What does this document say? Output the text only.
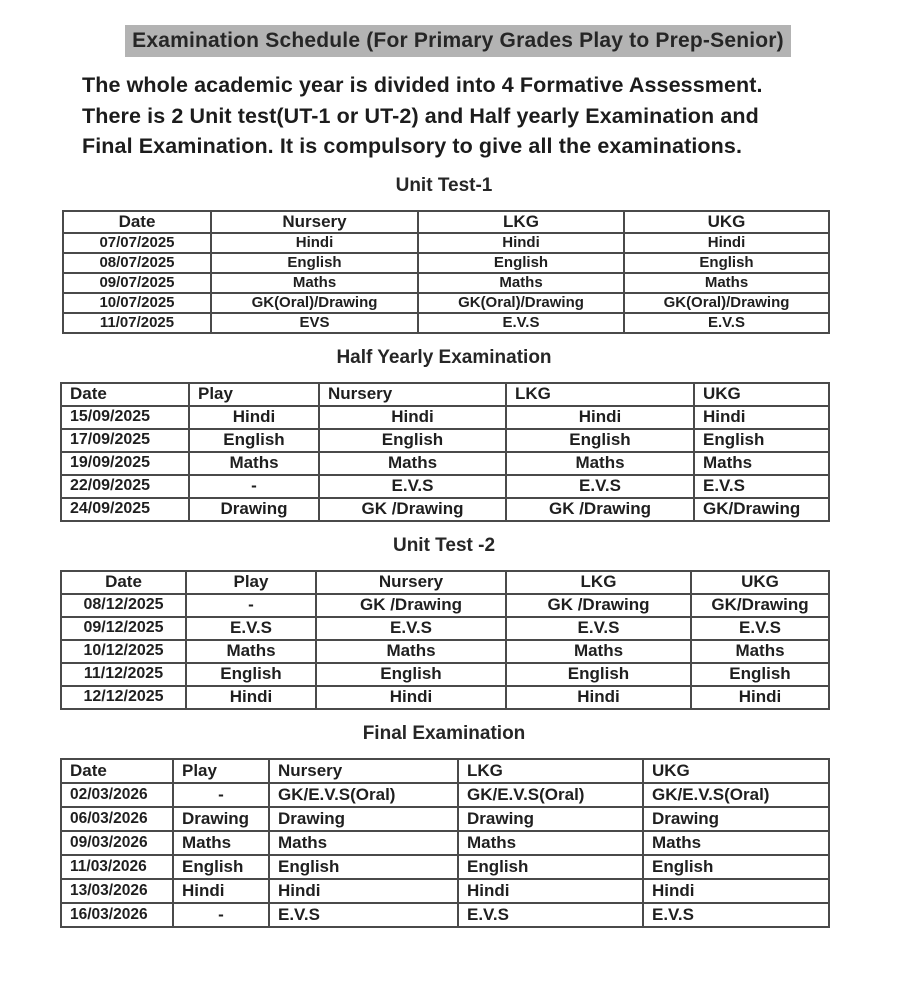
Examination Schedule (For Primary Grades Play to Prep-Senior)
The whole academic year is divided into 4 Formative Assessment.
There is 2 Unit test(UT-1 or UT-2) and Half yearly Examination and
Final Examination. It is compulsory to give all the examinations.
Unit Test-1
Date	Nursery	LKG	UKG
07/07/2025	Hindi	Hindi	Hindi
08/07/2025	English	English	English
09/07/2025	Maths	Maths	Maths
10/07/2025	GK(Oral)/Drawing	GK(Oral)/Drawing	GK(Oral)/Drawing
11/07/2025	EVS	E.V.S	E.V.S
Half Yearly Examination
Date	Play	Nursery	LKG	UKG
15/09/2025	Hindi	Hindi	Hindi	Hindi
17/09/2025	English	English	English	English
19/09/2025	Maths	Maths	Maths	Maths
22/09/2025	-	E.V.S	E.V.S	E.V.S
24/09/2025	Drawing	GK /Drawing	GK /Drawing	GK/Drawing
Unit Test -2
Date	Play	Nursery	LKG	UKG
08/12/2025	-	GK /Drawing	GK /Drawing	GK/Drawing
09/12/2025	E.V.S	E.V.S	E.V.S	E.V.S
10/12/2025	Maths	Maths	Maths	Maths
11/12/2025	English	English	English	English
12/12/2025	Hindi	Hindi	Hindi	Hindi
Final Examination
Date	Play	Nursery	LKG	UKG
02/03/2026	-	GK/E.V.S(Oral)	GK/E.V.S(Oral)	GK/E.V.S(Oral)
06/03/2026	Drawing	Drawing	Drawing	Drawing
09/03/2026	Maths	Maths	Maths	Maths
11/03/2026	English	English	English	English
13/03/2026	Hindi	Hindi	Hindi	Hindi
16/03/2026	-	E.V.S	E.V.S	E.V.S
